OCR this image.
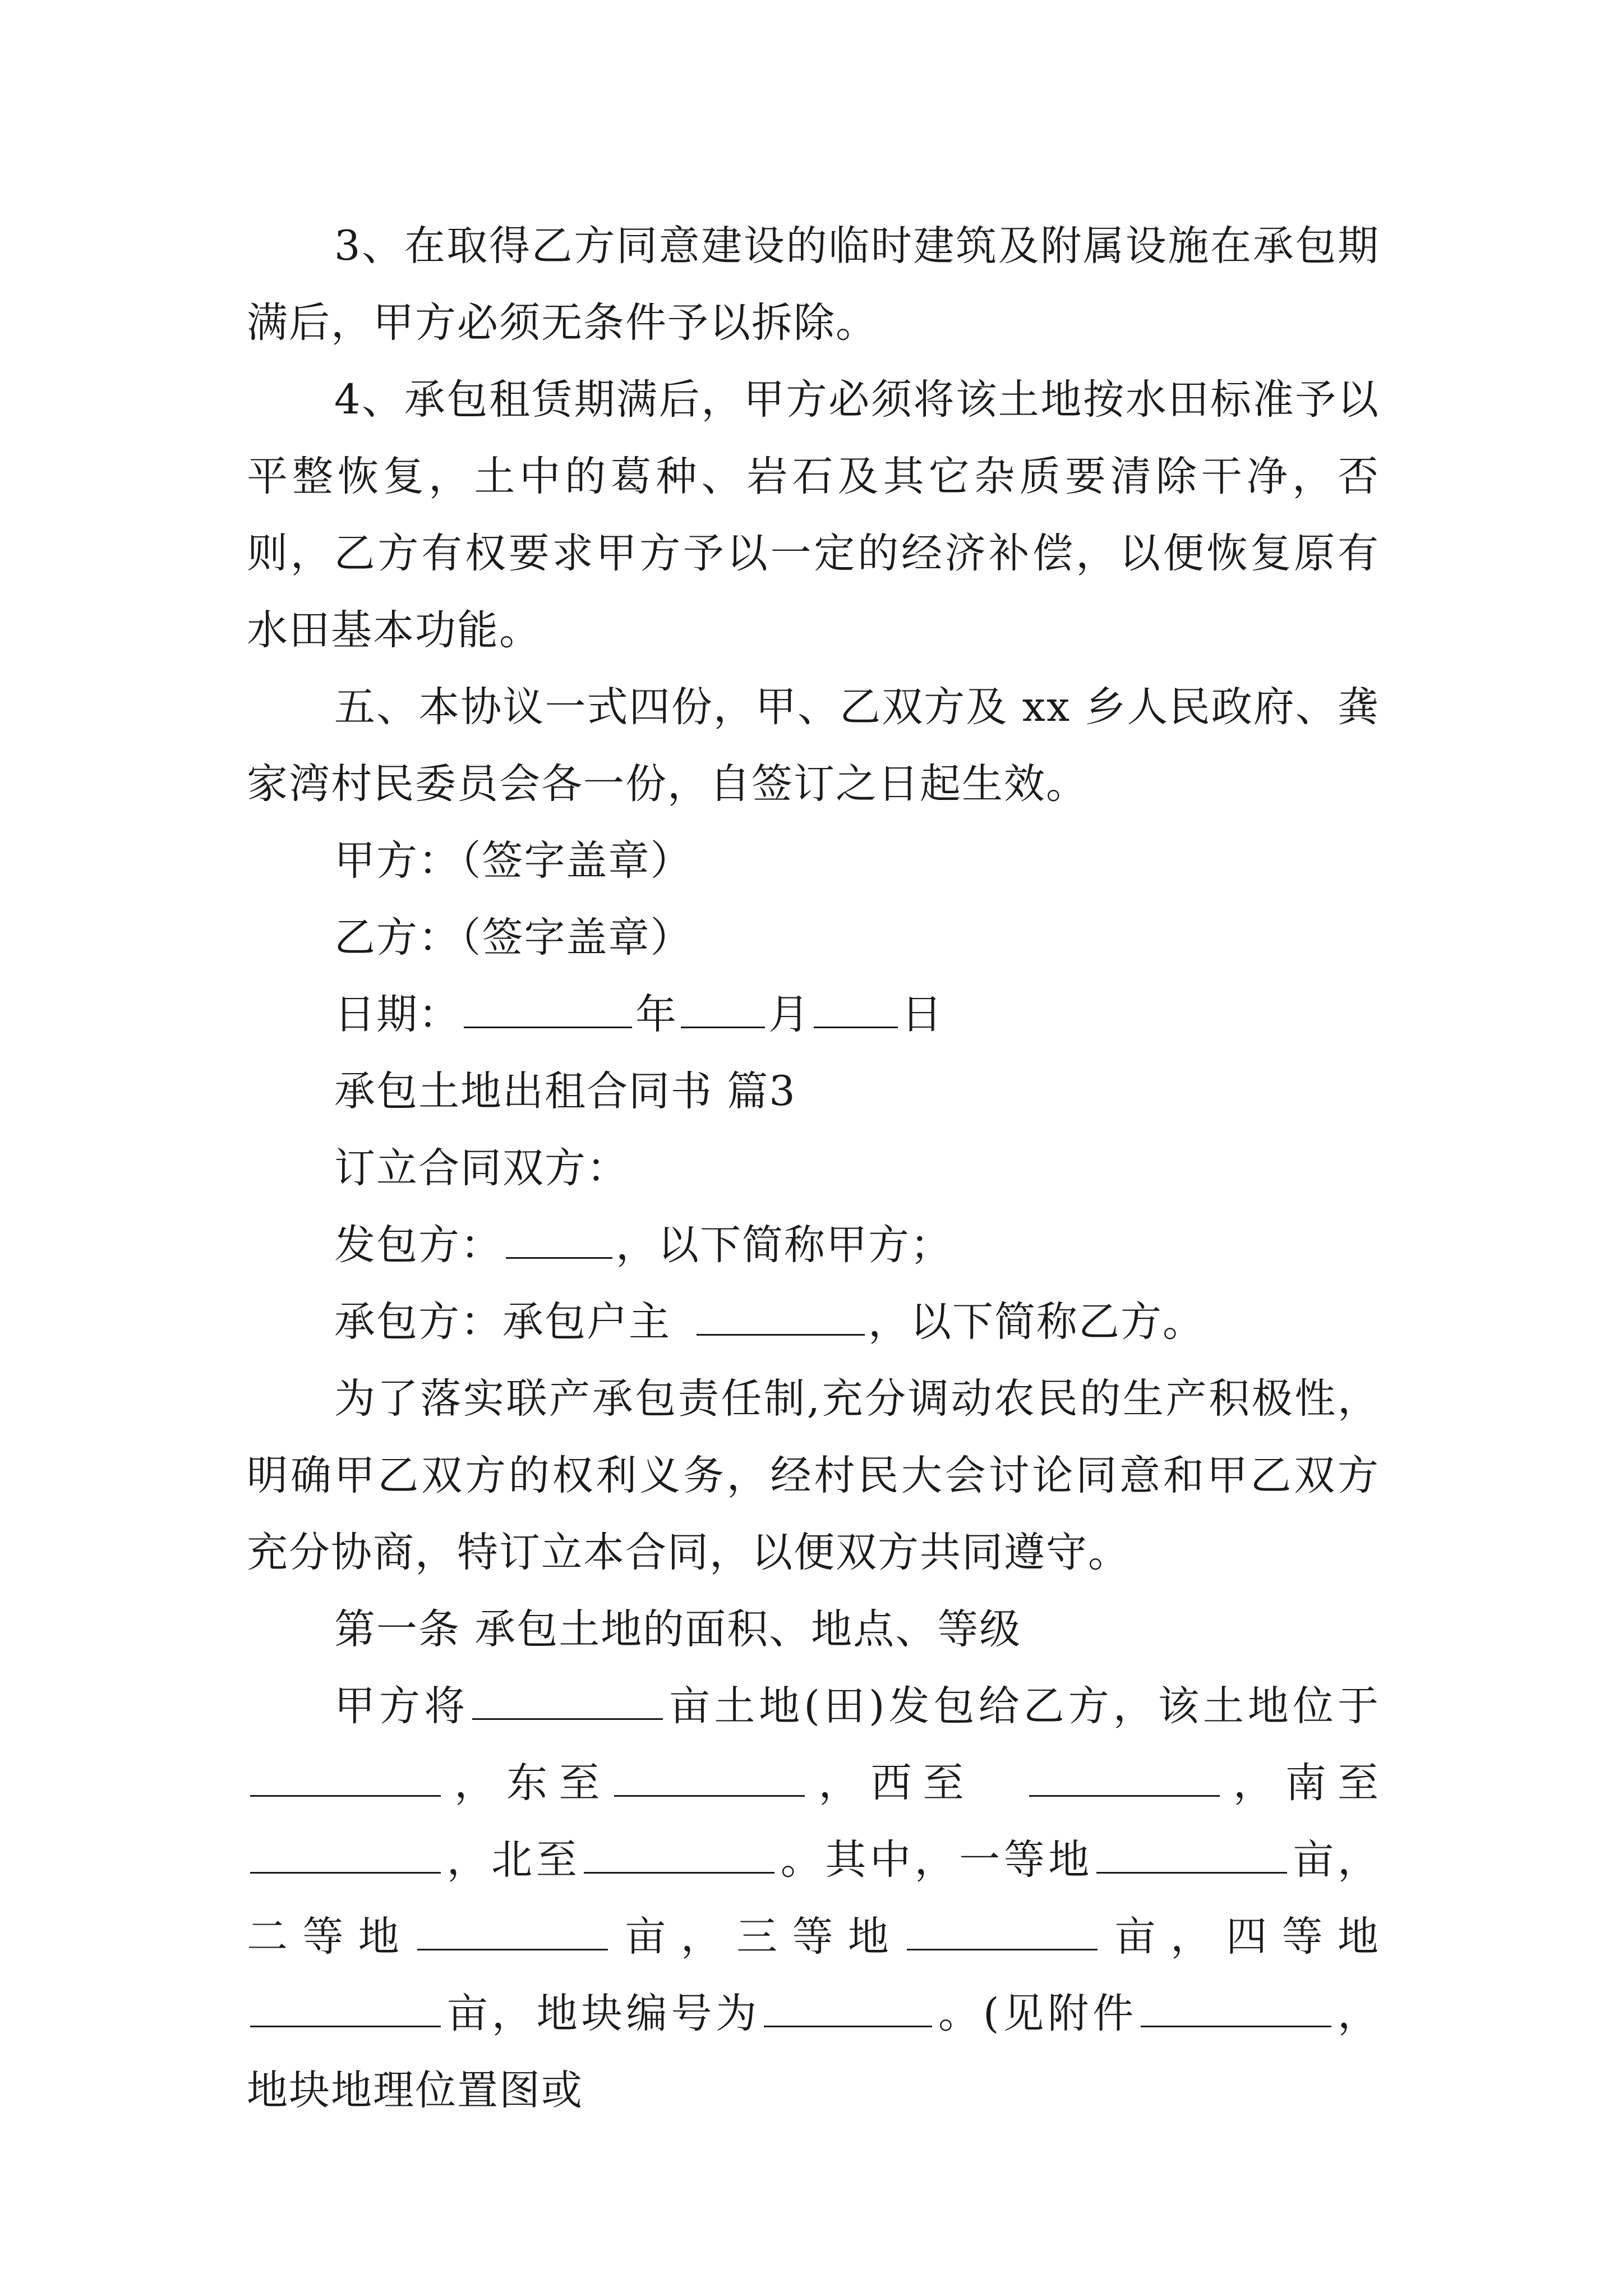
3、在取得乙方同意建设的临时建筑及附属设施在承包期满后，甲方必须无条件予以拆除。

4、承包租赁期满后，甲方必须将该土地按水田标准予以平整恢复，土中的葛种、岩石及其它杂质要清除干净，否则，乙方有权要求甲方予以一定的经济补偿，以便恢复原有水田基本功能。

五、本协议一式四份，甲、乙双方及 xx 乡人民政府、龚家湾村民委员会各一份，自签订之日起生效。

甲方：（签字盖章）

乙方：（签字盖章）

日期：	年 月 日

承包土地出租合同书 篇3

订立合同双方：

发包方：	，以下简称甲方；

承包方：承包户主	，以下简称乙方。

为了落实联产承包责任制,充分调动农民的生产积极性，明确甲乙双方的权利义务，经村民大会讨论同意和甲乙双方充分协商，特订立本合同，以便双方共同遵守。

第一条 承包土地的面积、地点、等级

甲方将	亩土地(田)发包给乙方，该土地位于，东至	，西至	，南至，北至	。其中，一等地	亩，二等地	亩，三等地	亩，四等地亩，地块编号为	。(见附件	，地块地理位置图或
